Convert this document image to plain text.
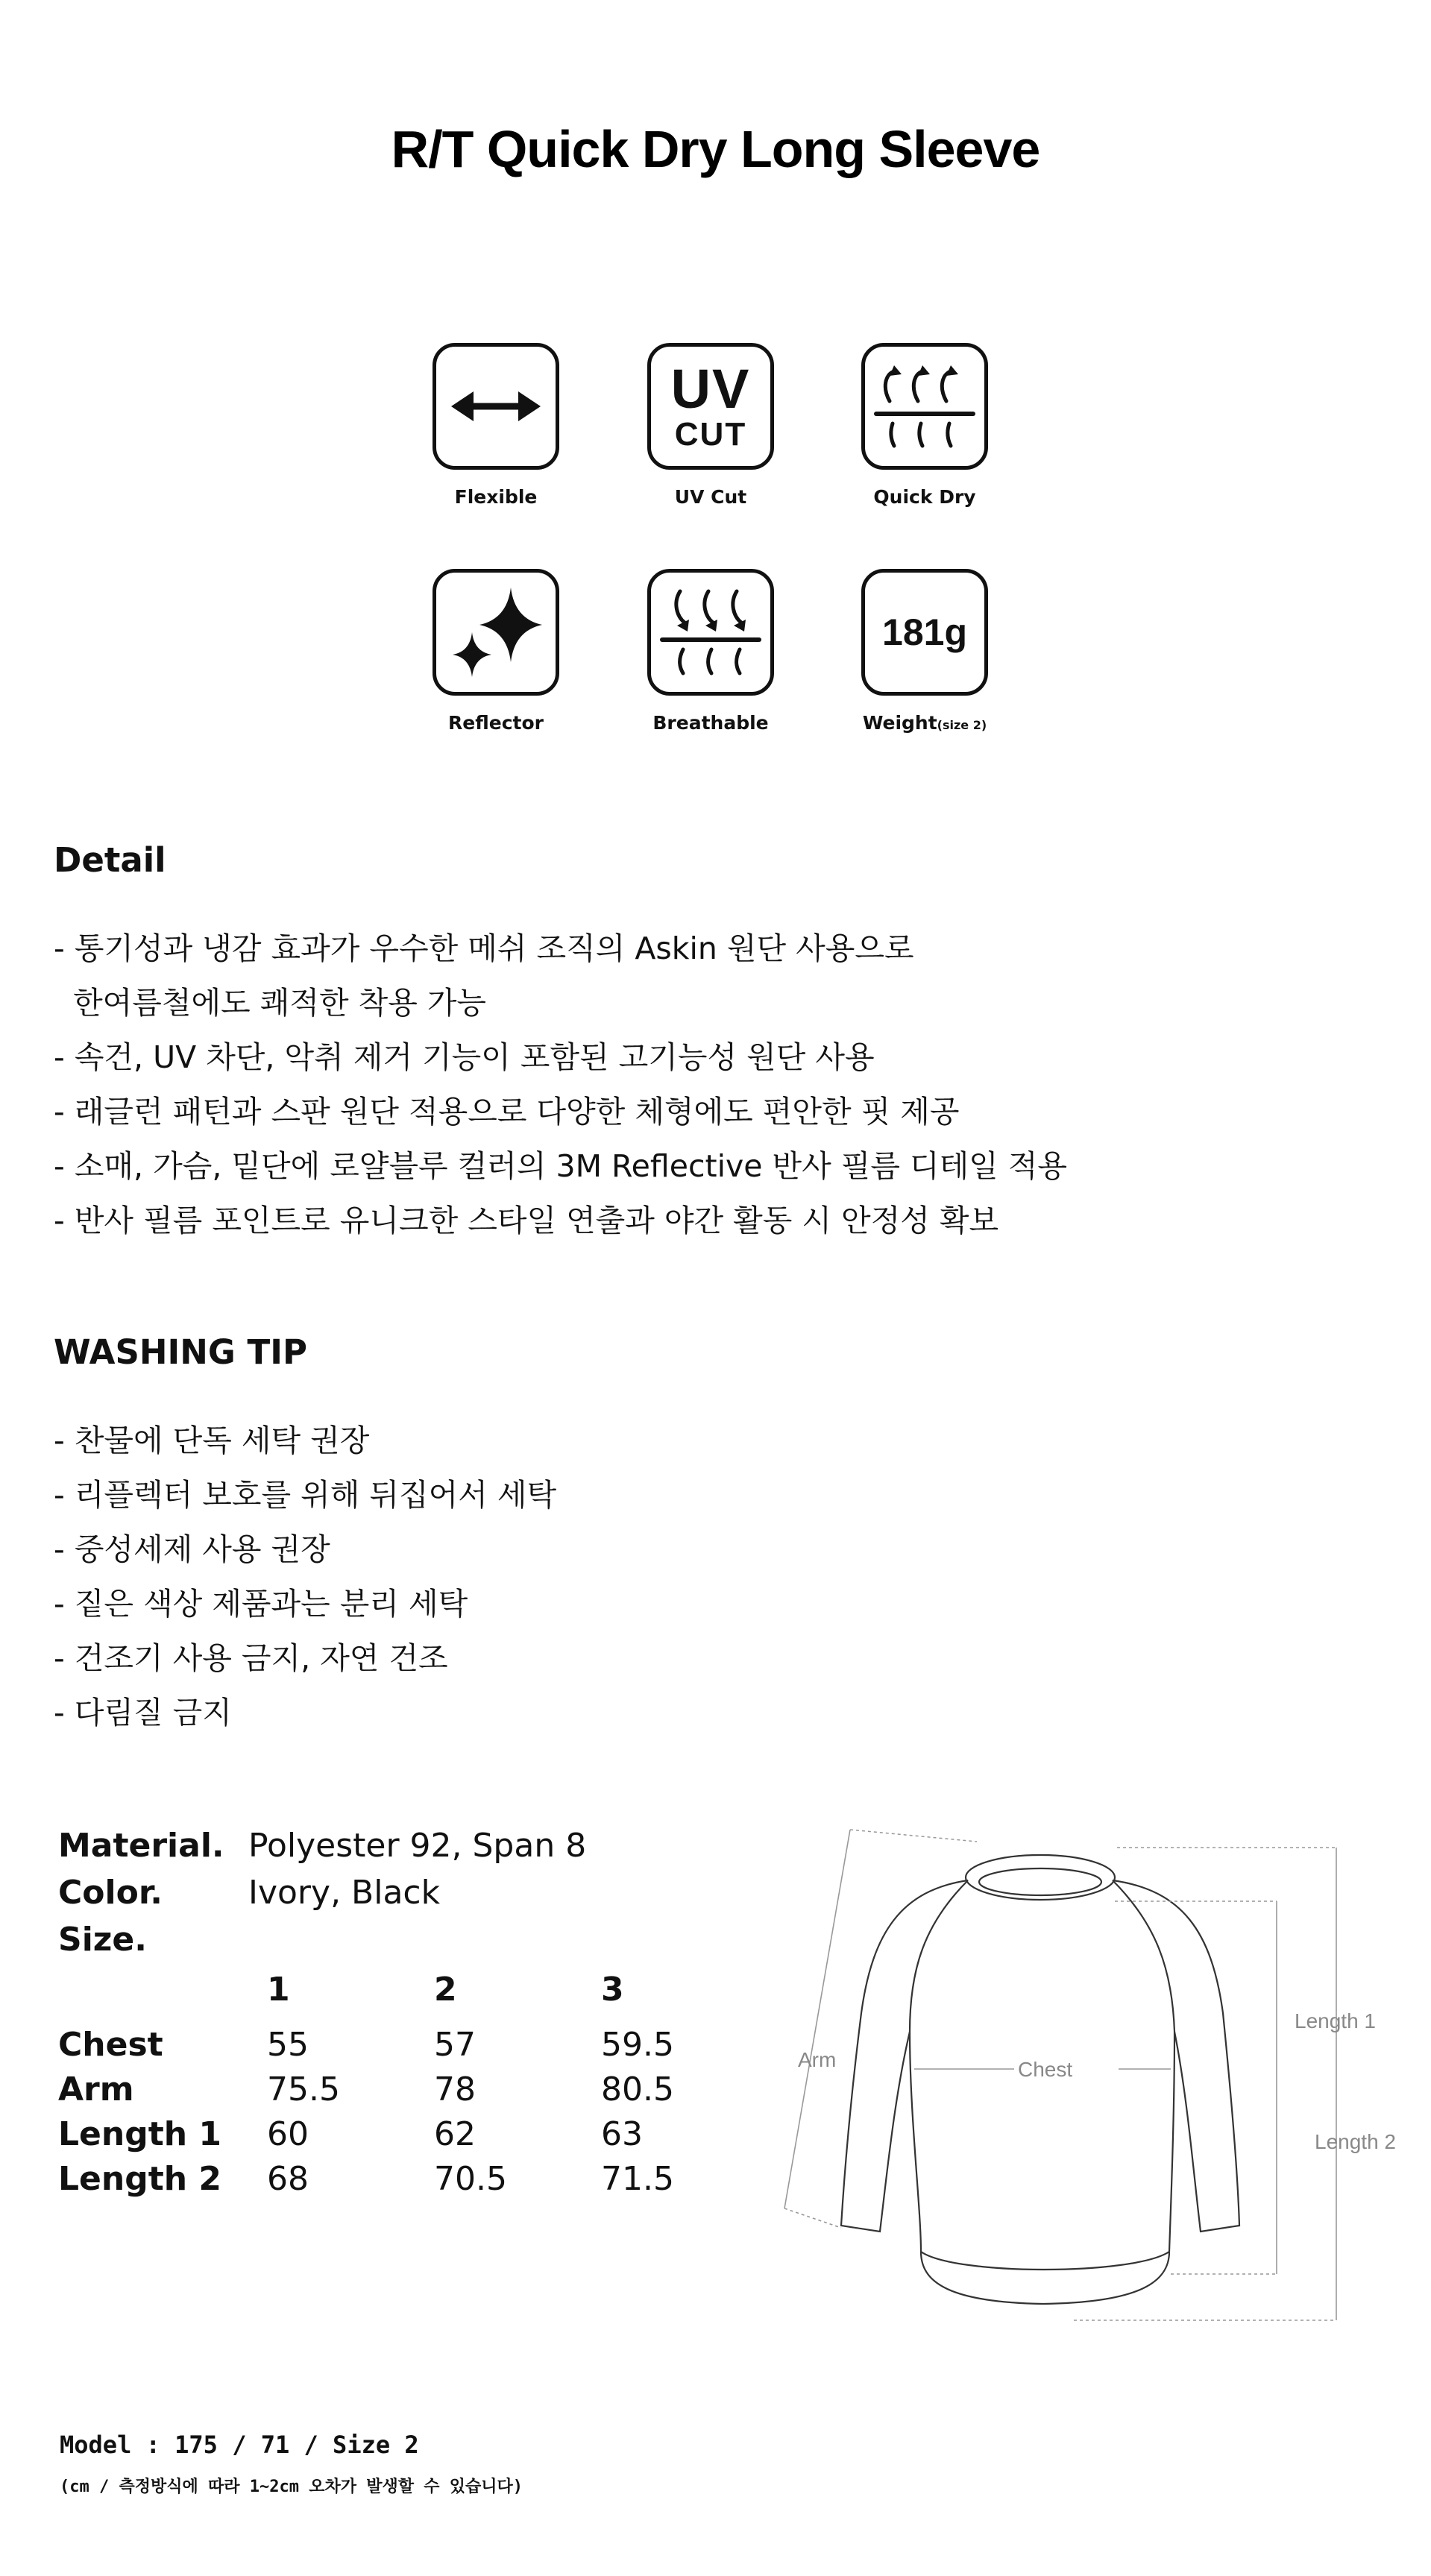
R/T Quick Dry Long Sleeve
Flexible
UV
CUT
UV Cut	Quick Dry
Reflector	Breathable
181g
Weight(size 2)
Detail
- 통기성과 냉감 효과가 우수한 메쉬 조직의 Askin 원단 사용으로
한여름철에도 쾌적한 착용 가능
- 속건, UV 차단, 악취 제거 기능이 포함된 고기능성 원단 사용
- 래글런 패턴과 스판 원단 적용으로 다양한 체형에도 편안한 핏 제공
- 소매, 가슴, 밑단에 로얄블루 컬러의 3M Reflective 반사 필름 디테일 적용
- 반사 필름 포인트로 유니크한 스타일 연출과 야간 활동 시 안정성 확보
WASHING TIP
- 찬물에 단독 세탁 권장
- 리플렉터 보호를 위해 뒤집어서 세탁
- 중성세제 사용 권장
- 짙은 색상 제품과는 분리 세탁
- 건조기 사용 금지, 자연 건조
- 다림질 금지
Material. Polyester 92, Span 8
Color.	Ivory, Black
Size.
1	2	3
Chest	55	57	59.5
Arm	75.5	78	80.5
Length 1 60	62	63
Length 2 68	70.5	71.5
Arm	Chest
Length 1
Length 2
Model : 175 / 71 / Size 2
(cm / 측정방식에 따라 1~2cm 오차가 발생할 수 있습니다)
